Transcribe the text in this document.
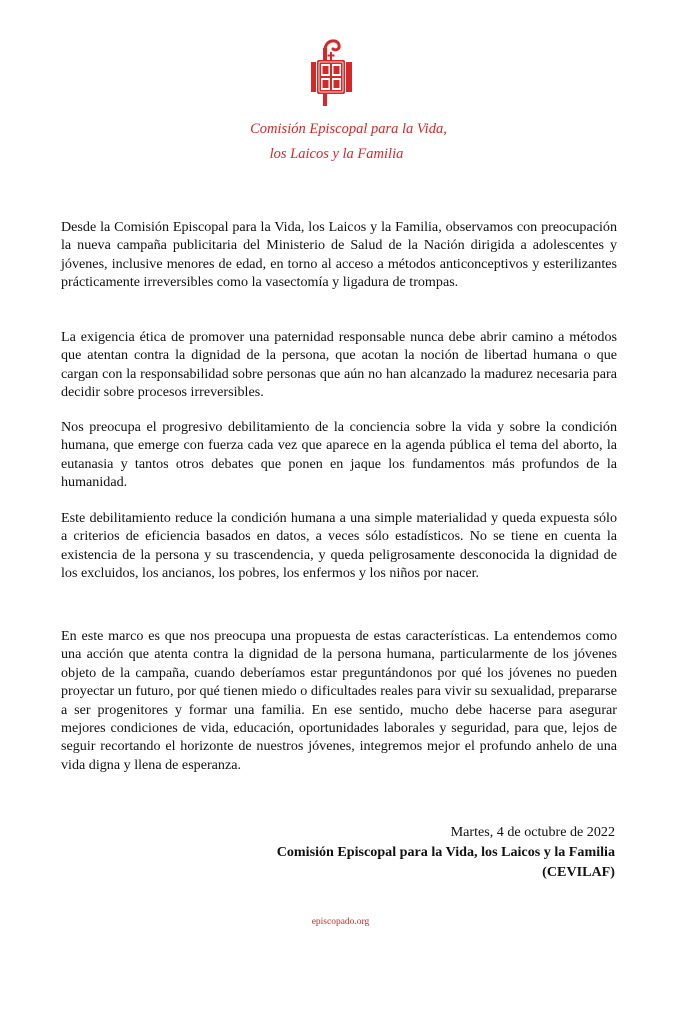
Comisión Episcopal para la Vida,
los Laicos y la Familia

Desde la Comisión Episcopal para la Vida, los Laicos y la Familia, observamos con preocupación la nueva campaña publicitaria del Ministerio de Salud de la Nación dirigida a adolescentes y jóvenes, inclusive menores de edad, en torno al acceso a métodos anticonceptivos y esterilizantes prácticamente irreversibles como la vasectomía y ligadura de trompas.

La exigencia ética de promover una paternidad responsable nunca debe abrir camino a métodos que atentan contra la dignidad de la persona, que acotan la noción de libertad humana o que cargan con la responsabilidad sobre personas que aún no han alcanzado la madurez necesaria para decidir sobre procesos irreversibles.

Nos preocupa el progresivo debilitamiento de la conciencia sobre la vida y sobre la condición humana, que emerge con fuerza cada vez que aparece en la agenda pública el tema del aborto, la eutanasia y tantos otros debates que ponen en jaque los fundamentos más profundos de la humanidad.

Este debilitamiento reduce la condición humana a una simple materialidad y queda expuesta sólo a criterios de eficiencia basados en datos, a veces sólo estadísticos. No se tiene en cuenta la existencia de la persona y su trascendencia, y queda peligrosamente desconocida la dignidad de los excluidos, los ancianos, los pobres, los enfermos y los niños por nacer.

En este marco es que nos preocupa una propuesta de estas características. La entendemos como una acción que atenta contra la dignidad de la persona humana, particularmente de los jóvenes objeto de la campaña, cuando deberíamos estar preguntándonos por qué los jóvenes no pueden proyectar un futuro, por qué tienen miedo o dificultades reales para vivir su sexualidad, prepararse a ser progenitores y formar una familia. En ese sentido, mucho debe hacerse para asegurar mejores condiciones de vida, educación, oportunidades laborales y seguridad, para que, lejos de seguir recortando el horizonte de nuestros jóvenes, integremos mejor el profundo anhelo de una vida digna y llena de esperanza.

Martes, 4 de octubre de 2022
Comisión Episcopal para la Vida, los Laicos y la Familia
(CEVILAF)
episcopado.org
